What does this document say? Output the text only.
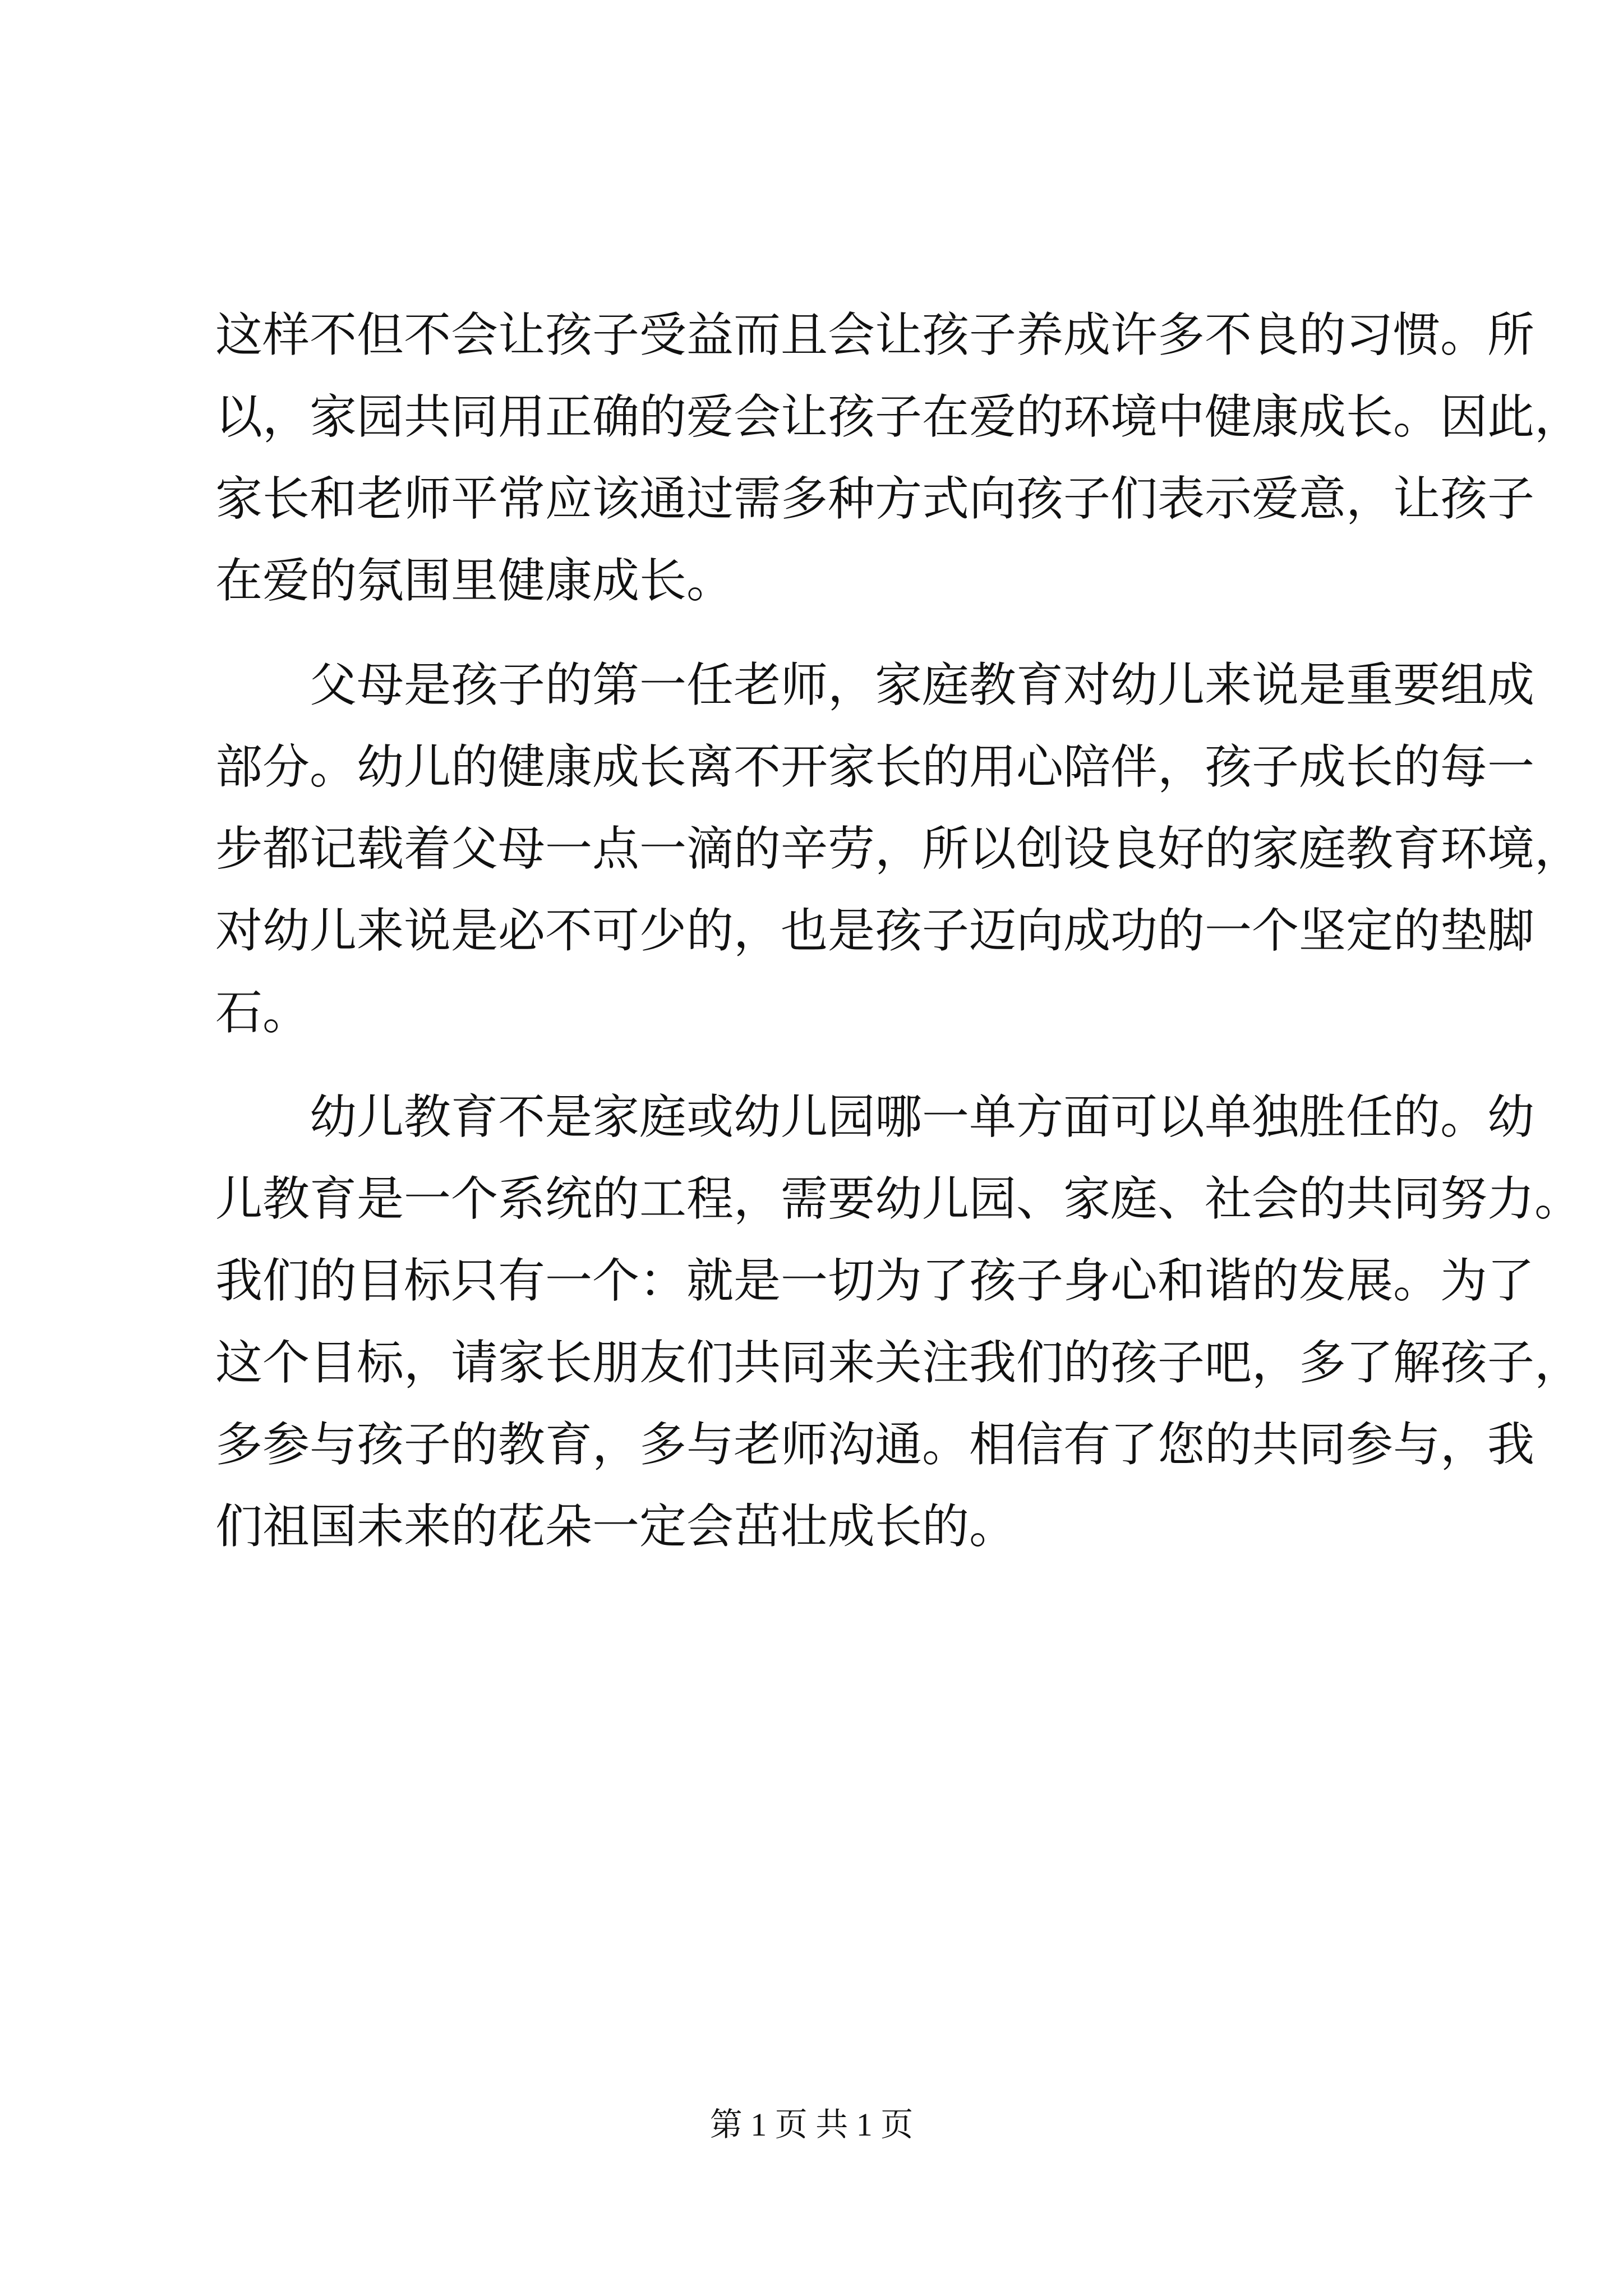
这样不但不会让孩子受益而且会让孩子养成许多不良的习惯。所
以，家园共同用正确的爱会让孩子在爱的环境中健康成长。因此，
家长和老师平常应该通过需多种方式向孩子们表示爱意，让孩子
在爱的氛围里健康成长。
父母是孩子的第一任老师，家庭教育对幼儿来说是重要组成
部分。幼儿的健康成长离不开家长的用心陪伴，孩子成长的每一
步都记载着父母一点一滴的辛劳，所以创设良好的家庭教育环境，
对幼儿来说是必不可少的，也是孩子迈向成功的一个坚定的垫脚
石。
幼儿教育不是家庭或幼儿园哪一单方面可以单独胜任的。幼
儿教育是一个系统的工程，需要幼儿园、家庭、社会的共同努力。
我们的目标只有一个：就是一切为了孩子身心和谐的发展。为了
这个目标，请家长朋友们共同来关注我们的孩子吧，多了解孩子，
多参与孩子的教育，多与老师沟通。相信有了您的共同参与，我
们祖国未来的花朵一定会茁壮成长的。
第 1 页 共 1 页
